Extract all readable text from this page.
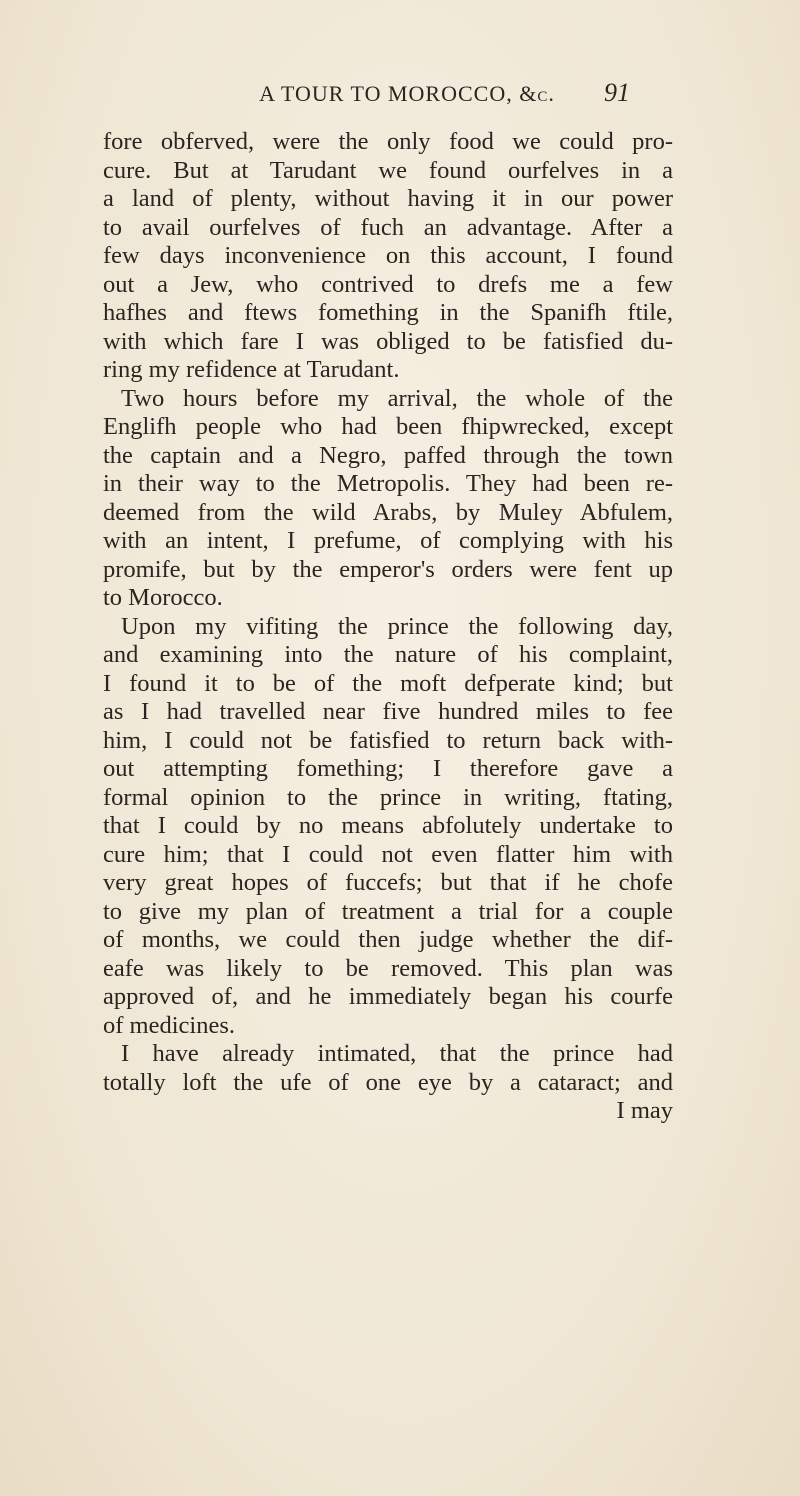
A TOUR TO MOROCCO, &c. 91
fore obferved, were the only food we could pro-
cure. But at Tarudant we found ourfelves in a
a land of plenty, without having it in our power
to avail ourfelves of fuch an advantage. After a
few days inconvenience on this account, I found
out a Jew, who contrived to drefs me a few
hafhes and ftews fomething in the Spanifh ftile,
with which fare I was obliged to be fatisfied du-
ring my refidence at Tarudant.
Two hours before my arrival, the whole of the
Englifh people who had been fhipwrecked, except
the captain and a Negro, paffed through the town
in their way to the Metropolis. They had been re-
deemed from the wild Arabs, by Muley Abfulem,
with an intent, I prefume, of complying with his
promife, but by the emperor's orders were fent up
to Morocco.
Upon my vifiting the prince the following day,
and examining into the nature of his complaint,
I found it to be of the moft defperate kind; but
as I had travelled near five hundred miles to fee
him, I could not be fatisfied to return back with-
out attempting fomething; I therefore gave a
formal opinion to the prince in writing, ftating,
that I could by no means abfolutely undertake to
cure him; that I could not even flatter him with
very great hopes of fuccefs; but that if he chofe
to give my plan of treatment a trial for a couple
of months, we could then judge whether the dif-
eafe was likely to be removed. This plan was
approved of, and he immediately began his courfe
of medicines.
I have already intimated, that the prince had
totally loft the ufe of one eye by a cataract; and
I may
